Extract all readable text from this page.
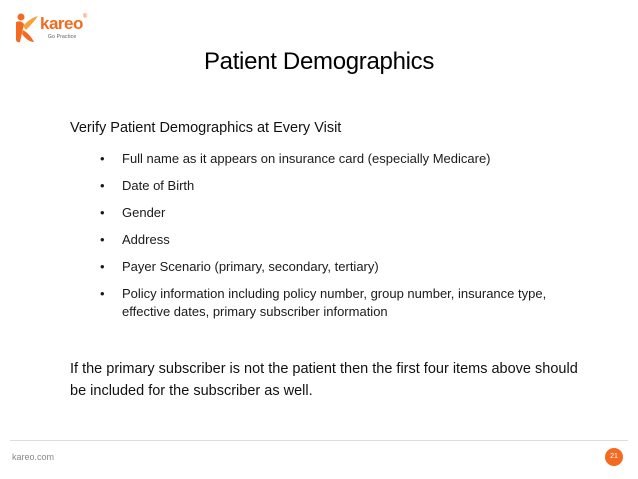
kareo®
Go Practice
Patient Demographics

Verify Patient Demographics at Every Visit

• Full name as it appears on insurance card (especially Medicare)
• Date of Birth
• Gender
• Address
• Payer Scenario (primary, secondary, tertiary)
• Policy information including policy number, group number, insurance type, effective dates, primary subscriber information

If the primary subscriber is not the patient then the first four items above should be included for the subscriber as well.

kareo.com	21
